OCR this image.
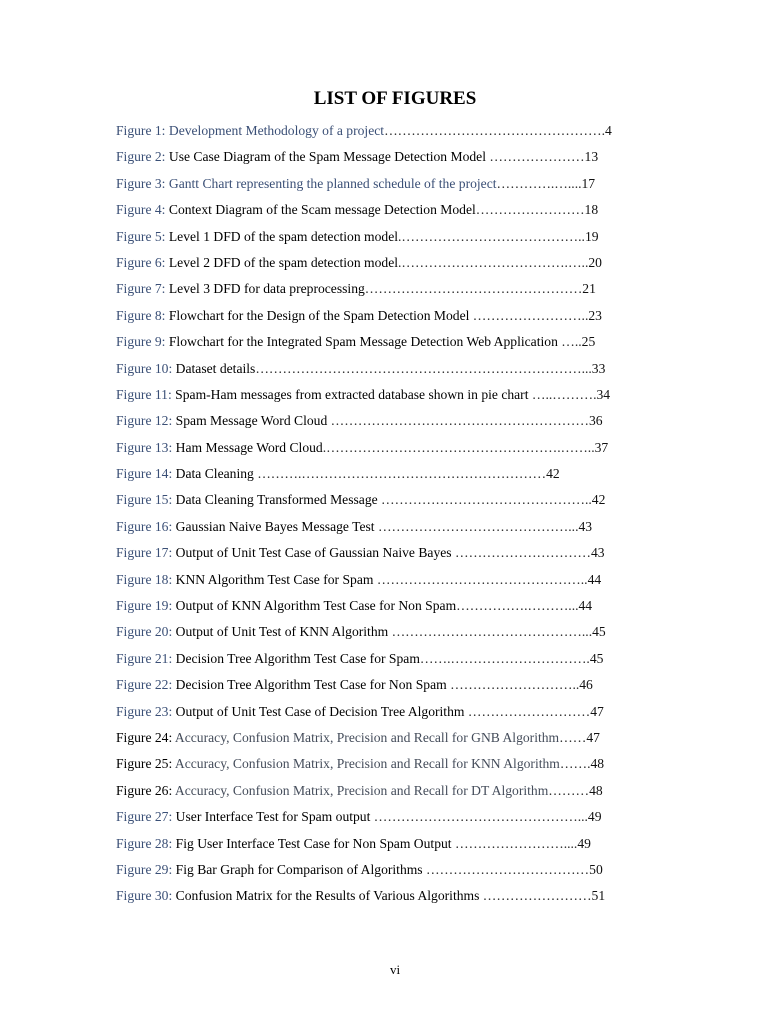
LIST OF FIGURES
Figure 1: Development Methodology of a project………………………………………….4
Figure 2: Use Case Diagram of the Spam Message Detection Model …………………13
Figure 3: Gantt Chart representing the planned schedule of the project………….…....17
Figure 4: Context Diagram of the Scam message Detection Model……………………18
Figure 5: Level 1 DFD of the spam detection model.…………………………………..19
Figure 6: Level 2 DFD of the spam detection model.……………………………….…..20
Figure 7: Level 3 DFD for data preprocessing…………………………………………21
Figure 8: Flowchart for the Design of the Spam Detection Model ……………………..23
Figure 9: Flowchart for the Integrated Spam Message Detection Web Application …..25
Figure 10: Dataset details………………………………………………………………...33
Figure 11: Spam-Ham messages from extracted database shown in pie chart …..……….34
Figure 12: Spam Message Word Cloud …………………………………………………36
Figure 13: Ham Message Word Cloud.…………………………………………….……..37
Figure 14: Data Cleaning ……….………………………………………………42
Figure 15: Data Cleaning Transformed Message ………………………………………..42
Figure 16: Gaussian Naive Bayes Message Test ……………………………………...43
Figure 17: Output of Unit Test Case of Gaussian Naive Bayes …………………………43
Figure 18: KNN Algorithm Test Case for Spam ………………………………………..44
Figure 19: Output of KNN Algorithm Test Case for Non Spam…………….………...44
Figure 20: Output of Unit Test of KNN Algorithm ……………………………………...45
Figure 21: Decision Tree Algorithm Test Case for Spam…….………………………….45
Figure 22: Decision Tree Algorithm Test Case for Non Spam ………………………..46
Figure 23: Output of Unit Test Case of Decision Tree Algorithm ………………………47
Figure 24: Accuracy, Confusion Matrix, Precision and Recall for GNB Algorithm……47
Figure 25: Accuracy, Confusion Matrix, Precision and Recall for KNN Algorithm…….48
Figure 26: Accuracy, Confusion Matrix, Precision and Recall for DT Algorithm………48
Figure 27: User Interface Test for Spam output ………………………………………...49
Figure 28: Fig User Interface Test Case for Non Spam Output ……………………....49
Figure 29: Fig Bar Graph for Comparison of Algorithms ………………………………50
Figure 30: Confusion Matrix for the Results of Various Algorithms ……………………51
vi
